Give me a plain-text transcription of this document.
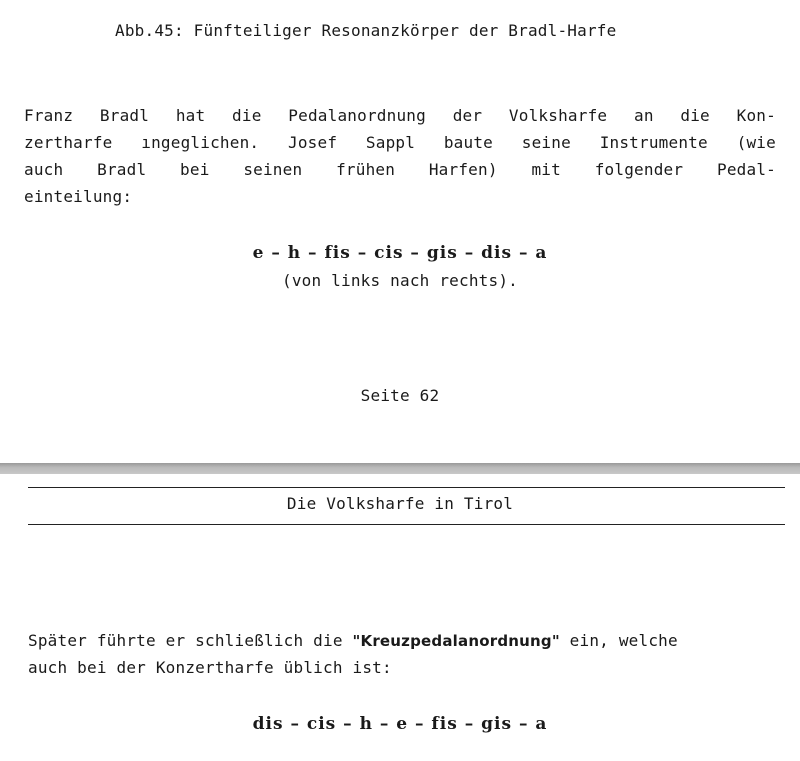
Abb.45: Fünfteiliger Resonanzkörper der Bradl-Harfe
Franz Bradl hat die Pedalanordnung der Volksharfe an die Kon-
zertharfe ıngeglichen. Josef Sappl baute seine Instrumente (wie
auch Bradl bei seinen frühen Harfen) mit folgender Pedal-
einteilung:
e – h – fis – cis – gis – dis – a
(von links nach rechts).
Seite 62
Die Volksharfe in Tirol
Später führte er schließlich die "Kreuzpedalanordnung" ein, welche
auch bei der Konzertharfe üblich ist:
dis – cis – h – e – fis – gis – a
